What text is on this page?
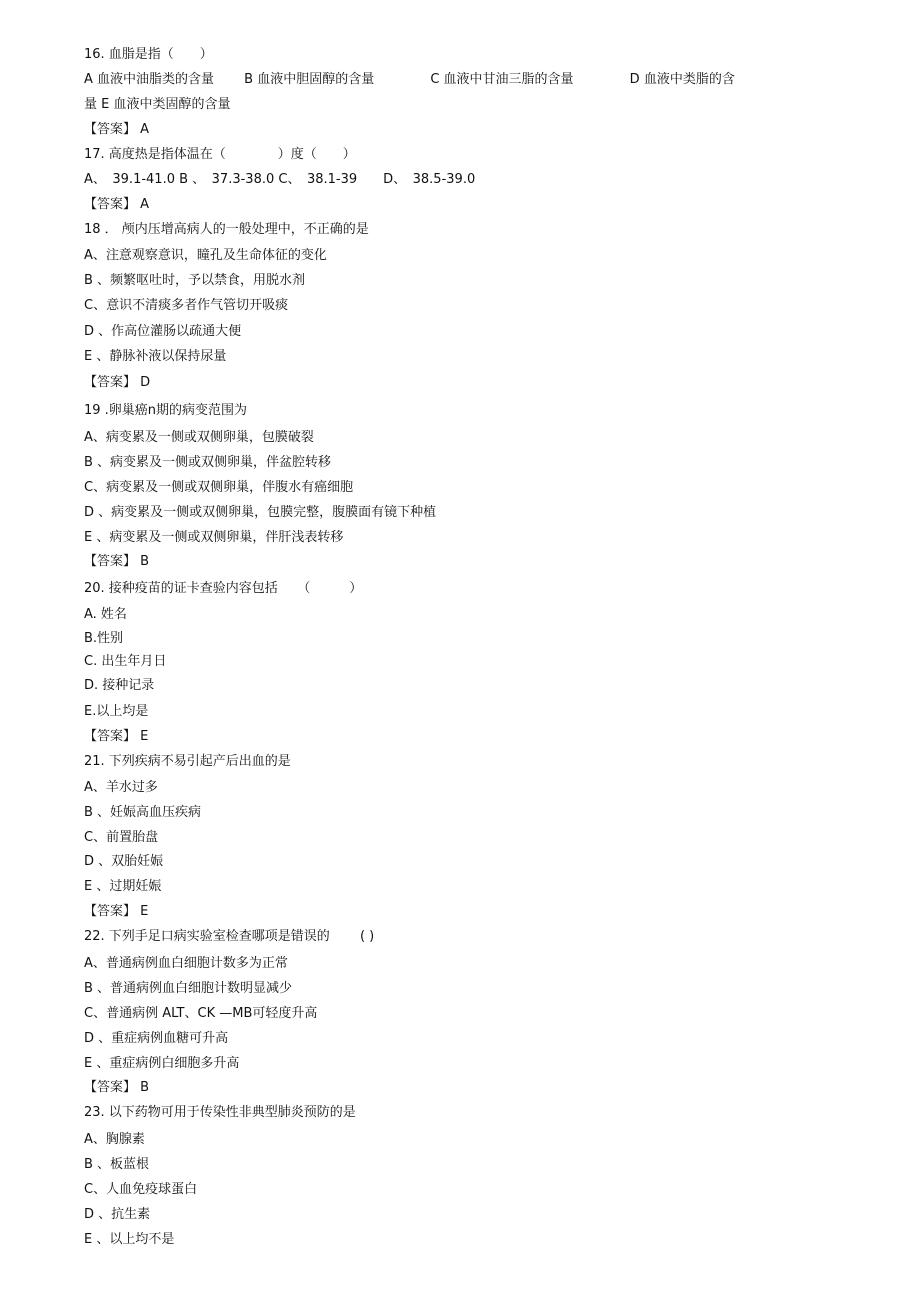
16. 血脂是指（　　）
A 血液中油脂类的含量　　 B 血液中胆固醇的含量　　　　 C 血液中甘油三脂的含量　　　　 D 血液中类脂的含
量 E 血液中类固醇的含量
【答案】 A
17. 高度热是指体温在（　　　　）度（　　）
A、　39.1-41.0 B 、　37.3-38.0 C、　38.1-39　　D、　38.5-39.0
【答案】 A
18 ． 颅内压增高病人的一般处理中，不正确的是
A、注意观察意识，瞳孔及生命体征的变化
B 、频繁呕吐时，予以禁食，用脱水剂
C、意识不清痰多者作气管切开吸痰
D 、作高位灌肠以疏通大便
E 、静脉补液以保持尿量
【答案】 D
19 .卵巢癌n期的病变范围为
A、病变累及一侧或双侧卵巢，包膜破裂
B 、病变累及一侧或双侧卵巢，伴盆腔转移
C、病变累及一侧或双侧卵巢，伴腹水有癌细胞
D 、病变累及一侧或双侧卵巢，包膜完整，腹膜面有镜下种植
E 、病变累及一侧或双侧卵巢，伴肝浅表转移
【答案】 B
20. 接种疫苗的证卡查验内容包括　　（　　　）
A. 姓名
B.性别
C. 出生年月日
D. 接种记录
E.以上均是
【答案】 E
21. 下列疾病不易引起产后出血的是
A、羊水过多
B 、妊娠高血压疾病
C、前置胎盘
D 、双胎妊娠
E 、过期妊娠
【答案】 E
22. 下列手足口病实验室检查哪项是错误的　　 ( )
A、普通病例血白细胞计数多为正常
B 、普通病例血白细胞计数明显减少
C、普通病例 ALT、CK —MB可轻度升高
D 、重症病例血糖可升高
E 、重症病例白细胞多升高
【答案】 B
23. 以下药物可用于传染性非典型肺炎预防的是
A、胸腺素
B 、板蓝根
C、人血免疫球蛋白
D 、抗生素
E 、以上均不是
